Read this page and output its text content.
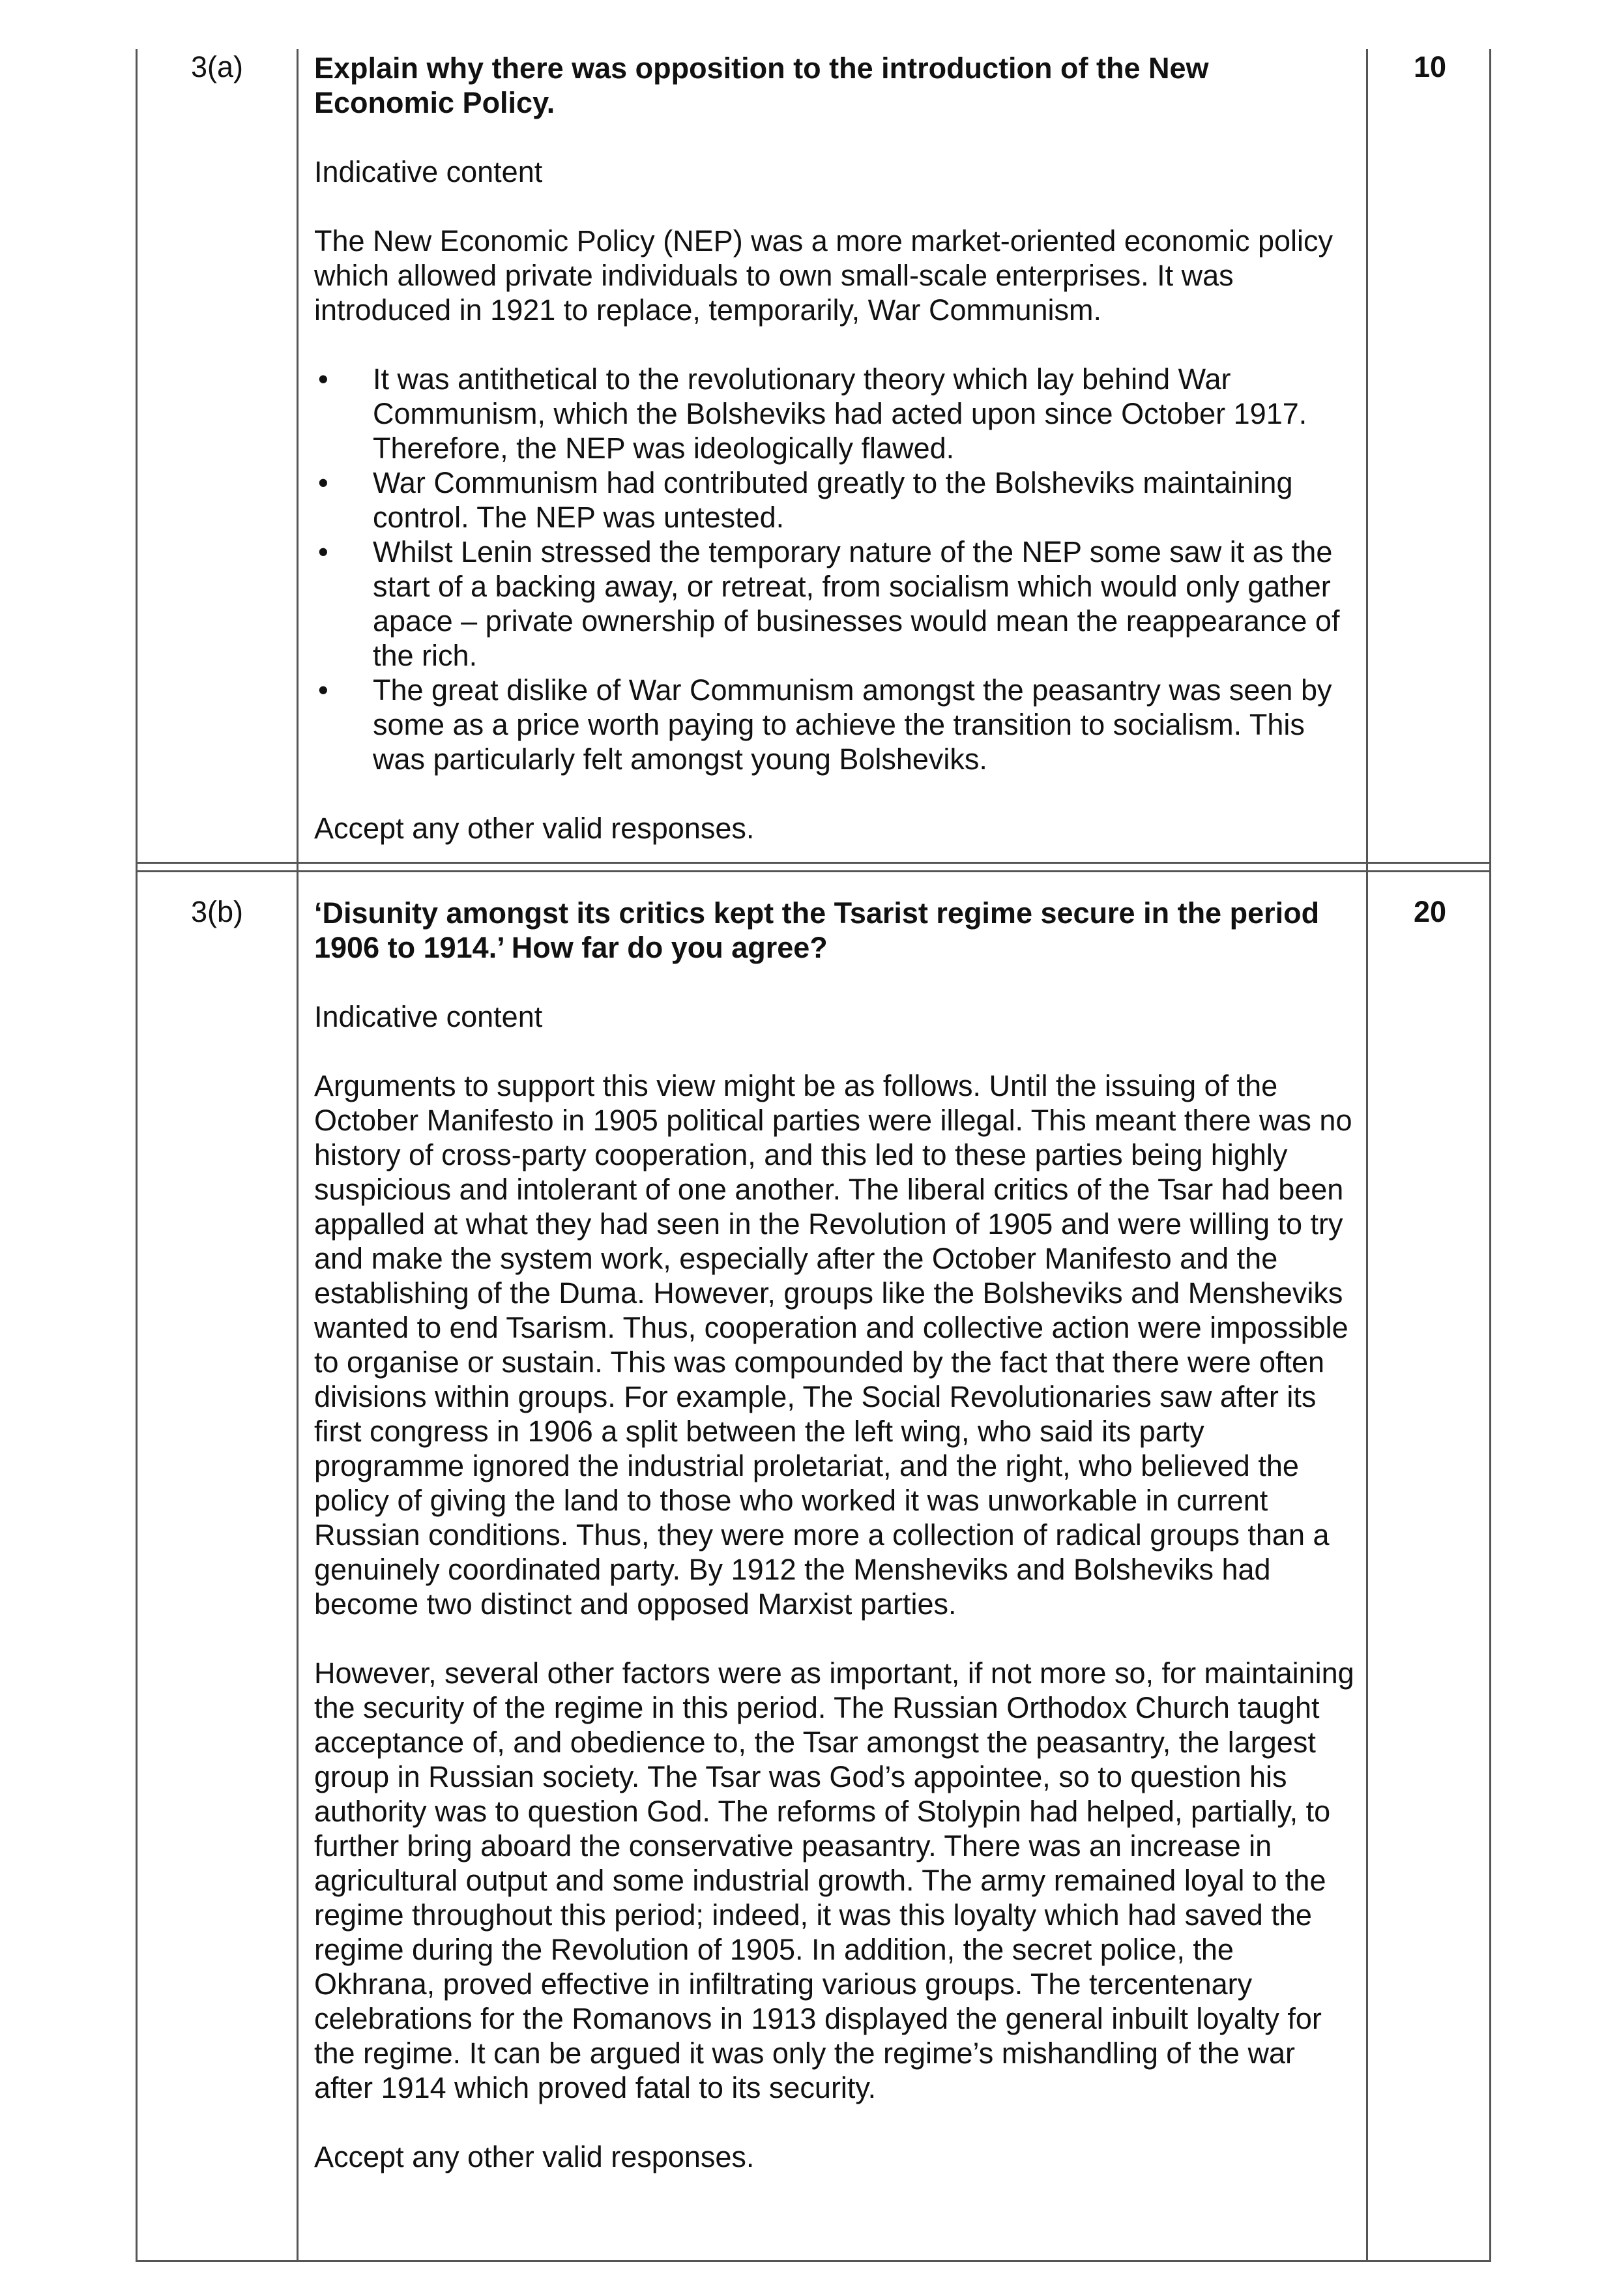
3(a)	10

Explain why there was opposition to the introduction of the New Economic Policy.

Indicative content

The New Economic Policy (NEP) was a more market-oriented economic policy which allowed private individuals to own small-scale enterprises. It was introduced in 1921 to replace, temporarily, War Communism.

• It was antithetical to the revolutionary theory which lay behind War Communism, which the Bolsheviks had acted upon since October 1917. Therefore, the NEP was ideologically flawed.
• War Communism had contributed greatly to the Bolsheviks maintaining control. The NEP was untested.
• Whilst Lenin stressed the temporary nature of the NEP some saw it as the start of a backing away, or retreat, from socialism which would only gather apace – private ownership of businesses would mean the reappearance of the rich.
• The great dislike of War Communism amongst the peasantry was seen by some as a price worth paying to achieve the transition to socialism. This was particularly felt amongst young Bolsheviks.

Accept any other valid responses.

3(b)	20

‘Disunity amongst its critics kept the Tsarist regime secure in the period 1906 to 1914.’ How far do you agree?

Indicative content

Arguments to support this view might be as follows. Until the issuing of the October Manifesto in 1905 political parties were illegal. This meant there was no history of cross-party cooperation, and this led to these parties being highly suspicious and intolerant of one another. The liberal critics of the Tsar had been appalled at what they had seen in the Revolution of 1905 and were willing to try and make the system work, especially after the October Manifesto and the establishing of the Duma. However, groups like the Bolsheviks and Mensheviks wanted to end Tsarism. Thus, cooperation and collective action were impossible to organise or sustain. This was compounded by the fact that there were often divisions within groups. For example, The Social Revolutionaries saw after its first congress in 1906 a split between the left wing, who said its party programme ignored the industrial proletariat, and the right, who believed the policy of giving the land to those who worked it was unworkable in current Russian conditions. Thus, they were more a collection of radical groups than a genuinely coordinated party. By 1912 the Mensheviks and Bolsheviks had become two distinct and opposed Marxist parties.

However, several other factors were as important, if not more so, for maintaining the security of the regime in this period. The Russian Orthodox Church taught acceptance of, and obedience to, the Tsar amongst the peasantry, the largest group in Russian society. The Tsar was God’s appointee, so to question his authority was to question God. The reforms of Stolypin had helped, partially, to further bring aboard the conservative peasantry. There was an increase in agricultural output and some industrial growth. The army remained loyal to the regime throughout this period; indeed, it was this loyalty which had saved the regime during the Revolution of 1905. In addition, the secret police, the Okhrana, proved effective in infiltrating various groups. The tercentenary celebrations for the Romanovs in 1913 displayed the general inbuilt loyalty for the regime. It can be argued it was only the regime’s mishandling of the war after 1914 which proved fatal to its security.

Accept any other valid responses.
